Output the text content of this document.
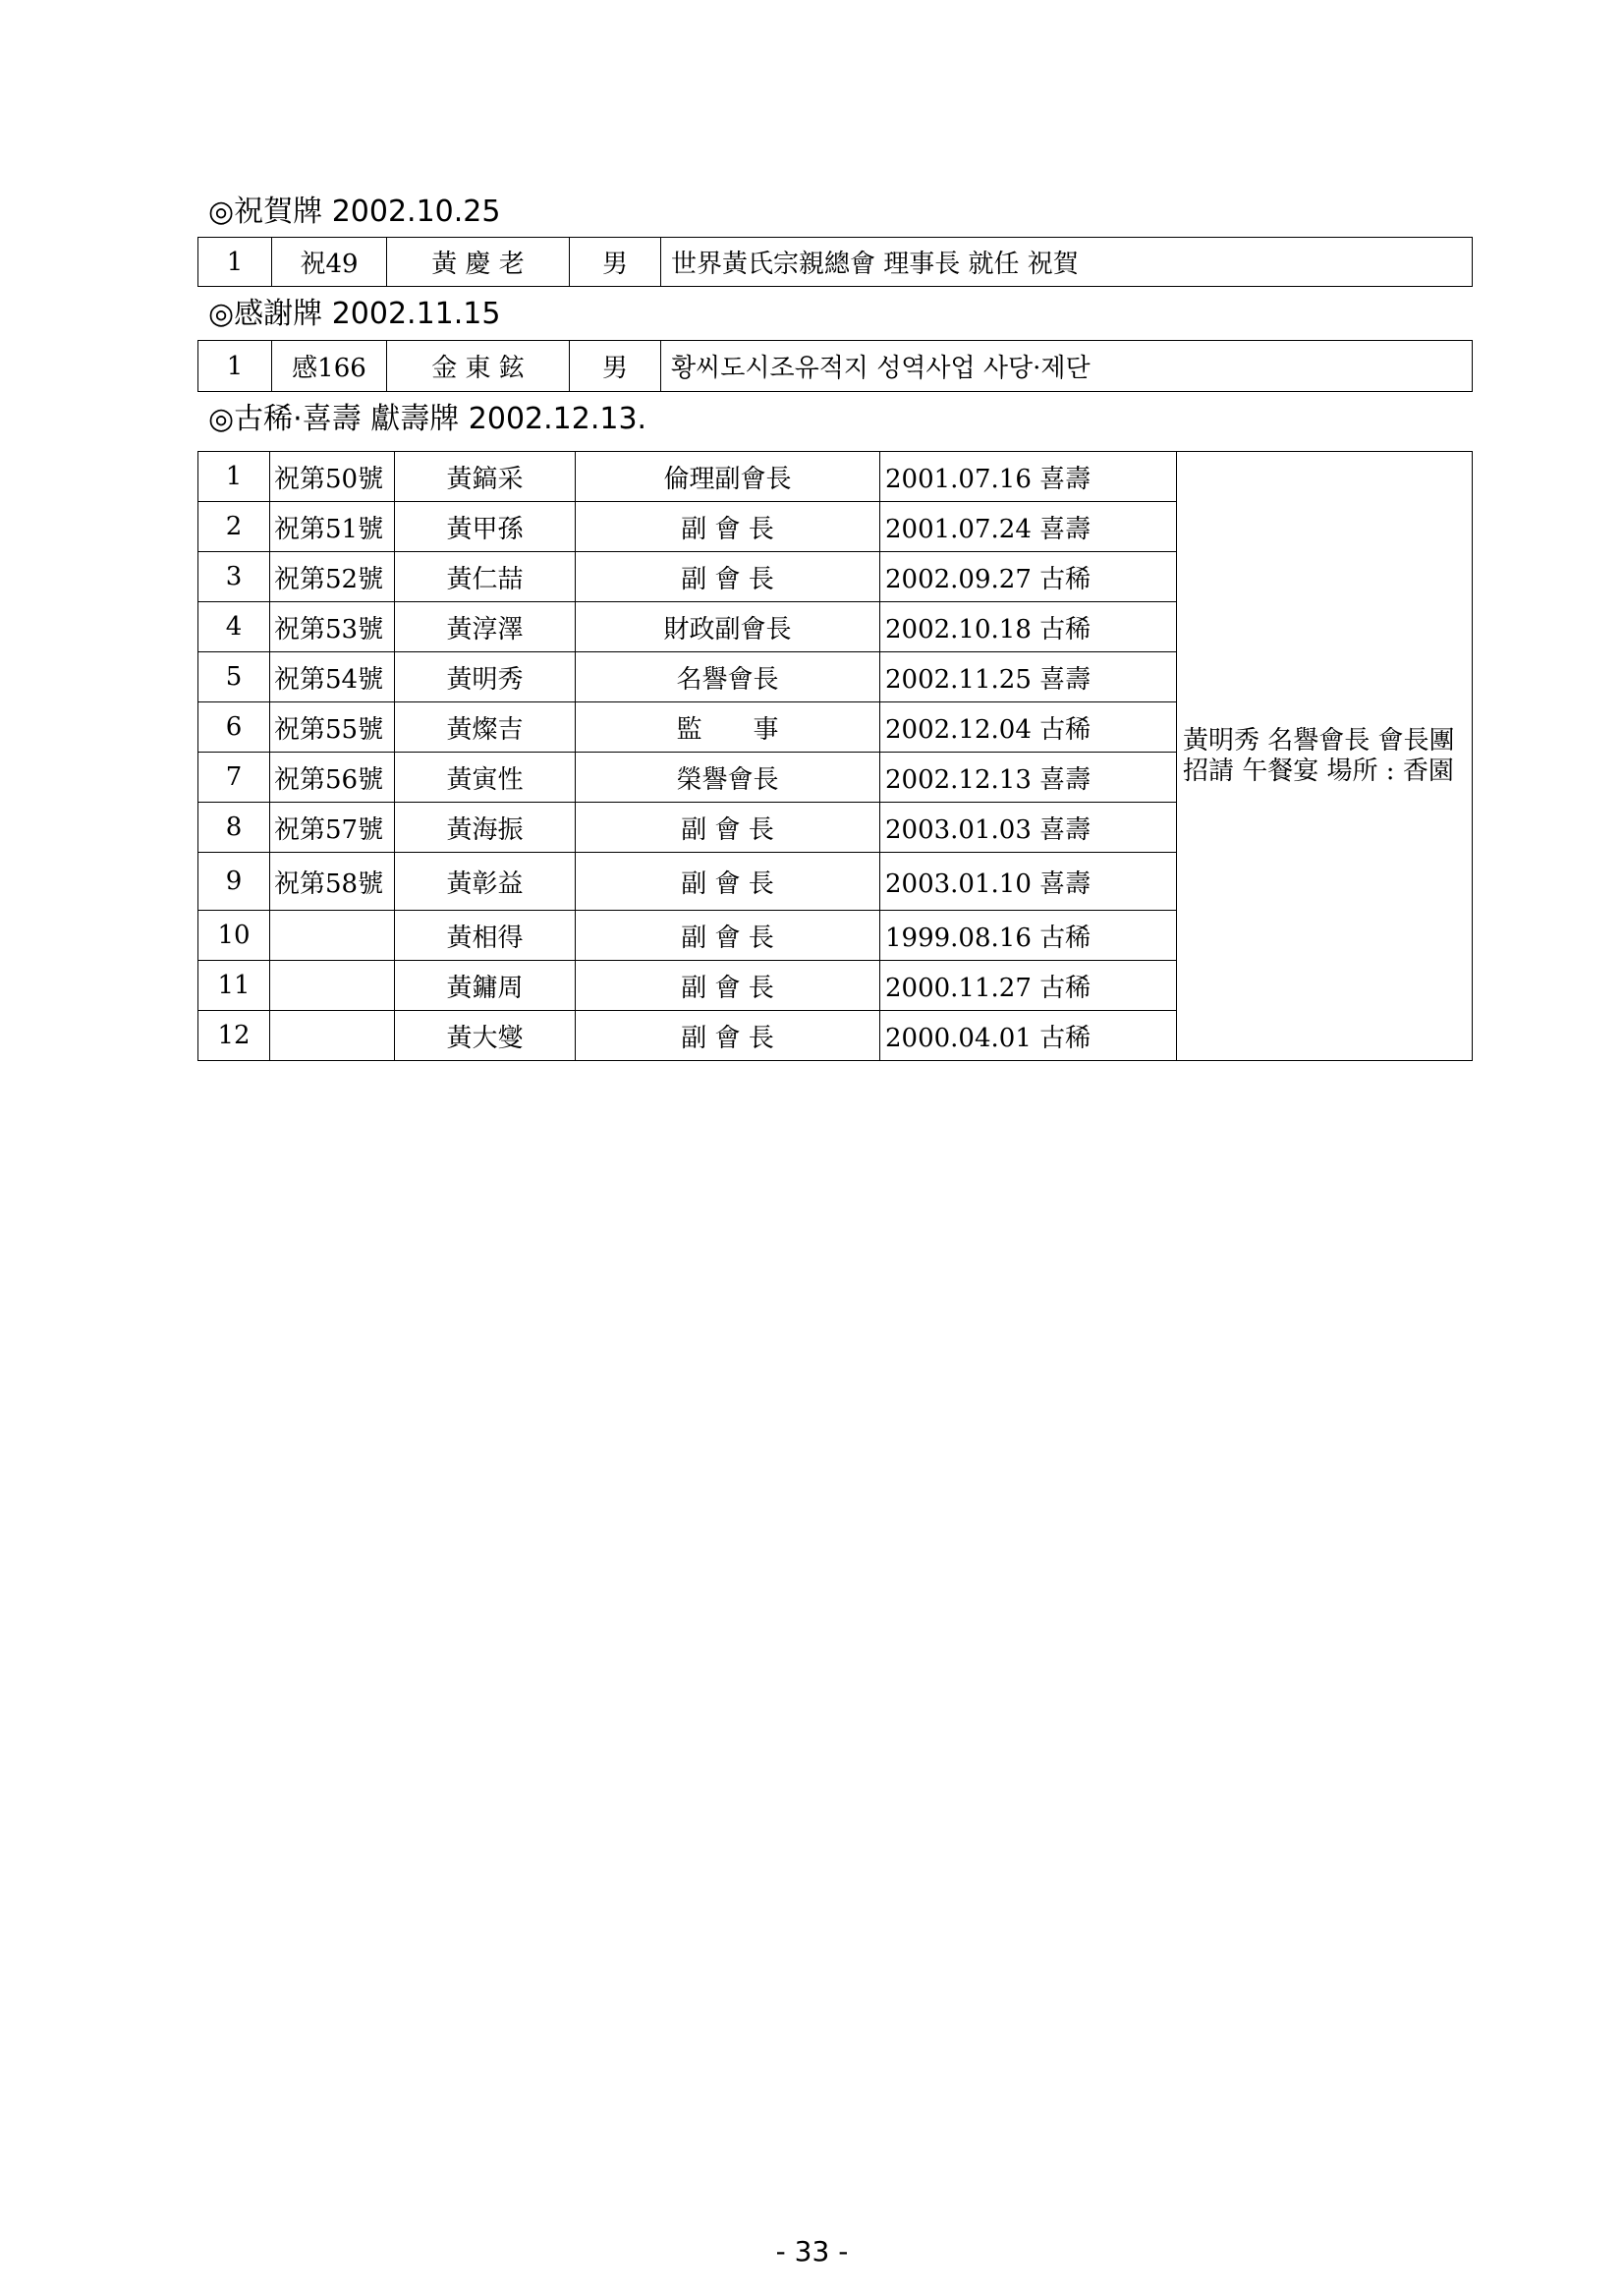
◎祝賀牌 2002.10.25
1	祝49	黃 慶 老	男	世界黃氏宗親總會 理事長 就任 祝賀
◎感謝牌 2002.11.15
1	感166	金 東 鉉	男	황씨도시조유적지 성역사업 사당·제단
◎古稀·喜壽 獻壽牌 2002.12.13.
1	祝第50號	黃鎬采	倫理副會長	2001.07.16 喜壽	黃明秀 名譽會長 會長團 招請 午餐宴 場所 : 香園
2	祝第51號	黃甲孫	副 會 長	2001.07.24 喜壽	
3	祝第52號	黃仁喆	副 會 長	2002.09.27 古稀	
4	祝第53號	黃淳澤	財政副會長	2002.10.18 古稀	
5	祝第54號	黃明秀	名譽會長	2002.11.25 喜壽	
6	祝第55號	黃燦吉	監　　事	2002.12.04 古稀	
7	祝第56號	黃寅性	榮譽會長	2002.12.13 喜壽	
8	祝第57號	黃海振	副 會 長	2003.01.03 喜壽	
9	祝第58號	黃彰益	副 會 長	2003.01.10 喜壽	
10		黃相得	副 會 長	1999.08.16 古稀	
11		黃鏞周	副 會 長	2000.11.27 古稀	
12		黃大燮	副 會 長	2000.04.01 古稀	
- 33 -
